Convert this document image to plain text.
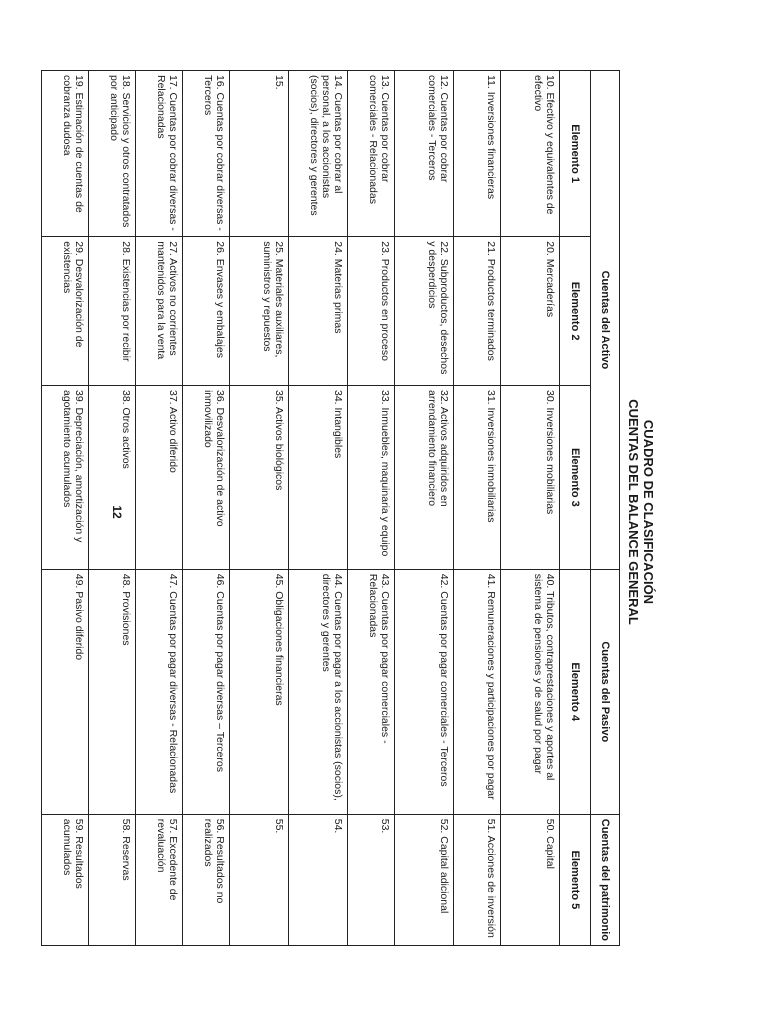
CUADRO DE CLASIFICACIÓN
CUENTAS DEL BALANCE GENERAL
Cuentas del Activo			Cuentas del Pasivo	Cuentas del patrimonio
Elemento 1	Elemento 2	Elemento 3	Elemento 4	Elemento 5
10. Efectivo y equivalentes de efectivo	20. Mercaderías	30. Inversiones mobiliarias	40. Tributos, contraprestaciones y aportes al sistema de pensiones y de salud por pagar	50. Capital
11. Inversiones financieras	21. Productos terminados	31. Inversiones inmobiliarias	41. Remuneraciones y participaciones por pagar	51. Acciones de inversión
12. Cuentas por cobrar comerciales - Terceros	22. Subproductos, desechos y desperdicios	32. Activos adquiridos en arrendamiento financiero	42. Cuentas por pagar comerciales - Terceros	52. Capital adicional
13. Cuentas por cobrar comerciales - Relacionadas	23. Productos en proceso	33. Inmuebles, maquinaria y equipo	43. Cuentas por pagar comerciales - Relacionadas	53.
14. Cuentas por cobrar al personal, a los accionistas (socios), directores y gerentes	24. Materias primas	34. Intangibles	44. Cuentas por pagar a los accionistas (socios), directores y gerentes	54.
15.	25. Materiales auxiliares, suministros y repuestos	35. Activos biológicos	45. Obligaciones financieras	55.
16. Cuentas por cobrar diversas - Terceros	26. Envases y embalajes	36. Desvalorización de activo inmovilizado	46. Cuentas por pagar diversas – Terceros	56. Resultados no realizados
17. Cuentas por cobrar diversas - Relacionadas	27. Activos no corrientes mantenidos para la venta	37. Activo diferido	47. Cuentas por pagar diversas - Relacionadas	57. Excedente de revaluación
18. Servicios y otros contratados por anticipado	28. Existencias por recibir	38. Otros activos	48. Provisiones	58. Reservas
19. Estimación de cuentas de cobranza dudosa	29. Desvalorización de existencias	39. Depreciación, amortización y agotamiento acumulados	49. Pasivo diferido	59. Resultados acumulados
12
